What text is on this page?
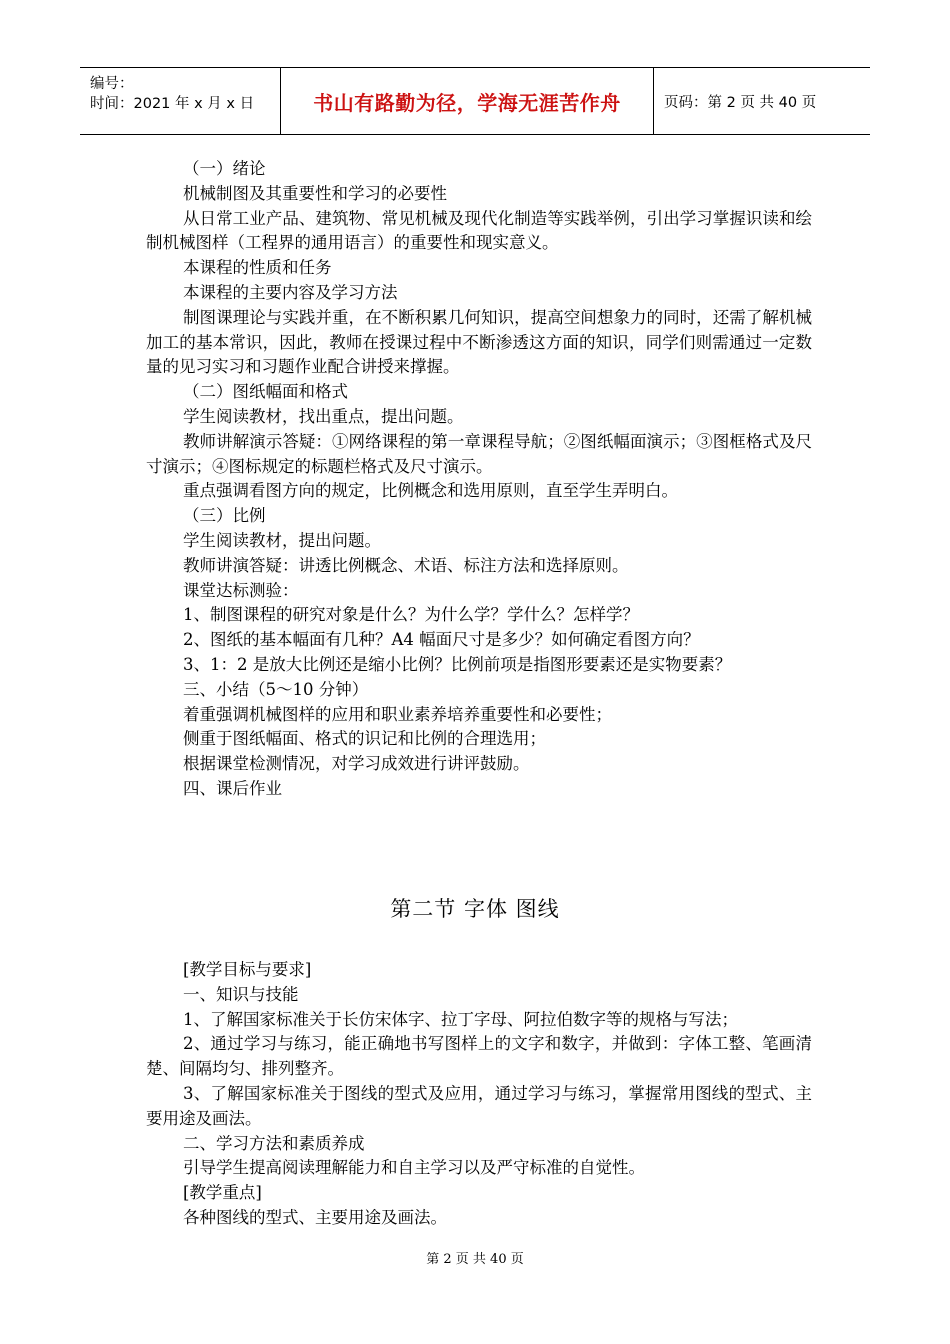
编号：
时间：2021 年 x 月 x 日	书山有路勤为径，学海无涯苦作舟	页码：第 2 页 共 40 页
（一）绪论
机械制图及其重要性和学习的必要性
从日常工业产品、建筑物、常见机械及现代化制造等实践举例，引出学习掌握识读和绘制机械图样（工程界的通用语言）的重要性和现实意义。
本课程的性质和任务
本课程的主要内容及学习方法
制图课理论与实践并重，在不断积累几何知识，提高空间想象力的同时，还需了解机械加工的基本常识，因此，教师在授课过程中不断渗透这方面的知识，同学们则需通过一定数量的见习实习和习题作业配合讲授来撑握。
（二）图纸幅面和格式
学生阅读教材，找出重点，提出问题。
教师讲解演示答疑：①网络课程的第一章课程导航；②图纸幅面演示；③图框格式及尺寸演示；④图标规定的标题栏格式及尺寸演示。
重点强调看图方向的规定，比例概念和选用原则，直至学生弄明白。
（三）比例
学生阅读教材，提出问题。
教师讲演答疑：讲透比例概念、术语、标注方法和选择原则。
课堂达标测验：
1、制图课程的研究对象是什么？为什么学？学什么？怎样学？
2、图纸的基本幅面有几种？A4 幅面尺寸是多少？如何确定看图方向？
3、1：2 是放大比例还是缩小比例？比例前项是指图形要素还是实物要素？
三、小结（5～10 分钟）
着重强调机械图样的应用和职业素养培养重要性和必要性；
侧重于图纸幅面、格式的识记和比例的合理选用；
根据课堂检测情况，对学习成效进行讲评鼓励。
四、课后作业
第二节 字体 图线
[教学目标与要求]
一、知识与技能
1、了解国家标准关于长仿宋体字、拉丁字母、阿拉伯数字等的规格与写法；
2、通过学习与练习，能正确地书写图样上的文字和数字，并做到：字体工整、笔画清楚、间隔均匀、排列整齐。
3、了解国家标准关于图线的型式及应用，通过学习与练习，掌握常用图线的型式、主要用途及画法。
二、学习方法和素质养成
引导学生提高阅读理解能力和自主学习以及严守标准的自觉性。
[教学重点]
各种图线的型式、主要用途及画法。
第 2 页 共 40 页
